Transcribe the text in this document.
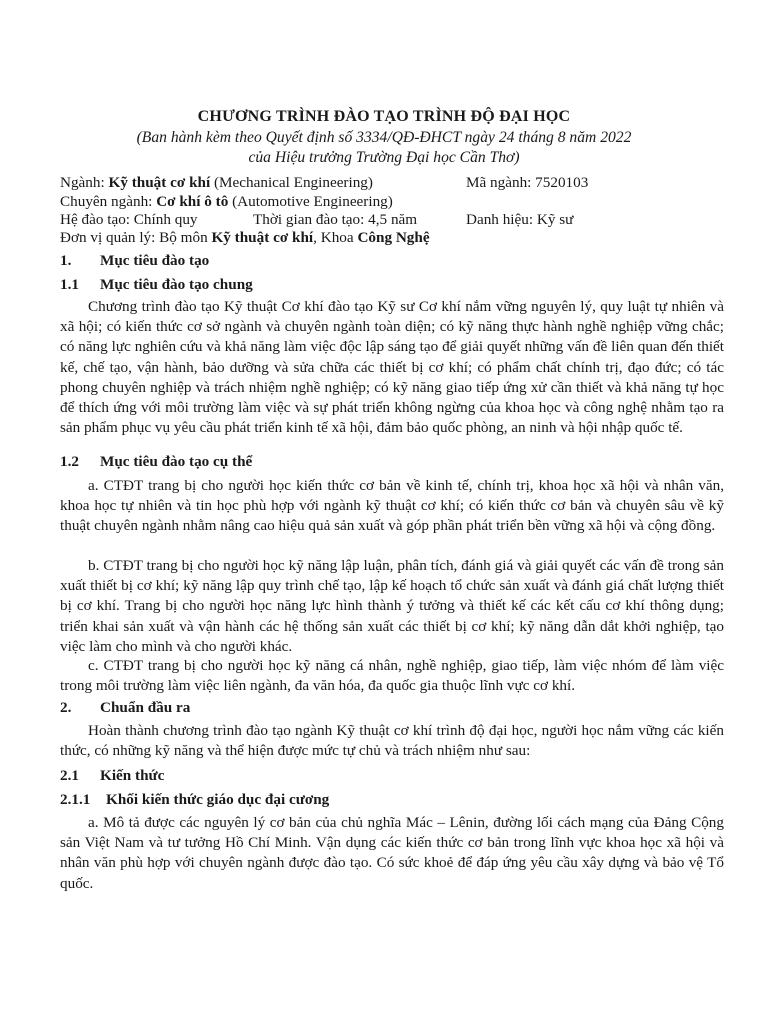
CHƯƠNG TRÌNH ĐÀO TẠO TRÌNH ĐỘ ĐẠI HỌC
(Ban hành kèm theo Quyết định số 3334/QĐ-ĐHCT ngày 24 tháng 8 năm 2022
của Hiệu trưởng Trường Đại học Cần Thơ)
Ngành: Kỹ thuật cơ khí (Mechanical Engineering)	Mã ngành: 7520103
Chuyên ngành: Cơ khí ô tô (Automotive Engineering)
Hệ đào tạo: Chính quy	Thời gian đào tạo: 4,5 năm	Danh hiệu: Kỹ sư
Đơn vị quản lý: Bộ môn Kỹ thuật cơ khí, Khoa Công Nghệ
1. Mục tiêu đào tạo
1.1 Mục tiêu đào tạo chung

Chương trình đào tạo Kỹ thuật Cơ khí đào tạo Kỹ sư Cơ khí nắm vững nguyên lý, quy luật tự nhiên và xã hội; có kiến thức cơ sở ngành và chuyên ngành toàn diện; có kỹ năng thực hành nghề nghiệp vững chắc; có năng lực nghiên cứu và khả năng làm việc độc lập sáng tạo để giải quyết những vấn đề liên quan đến thiết kế, chế tạo, vận hành, bảo dưỡng và sửa chữa các thiết bị cơ khí; có phẩm chất chính trị, đạo đức; có tác phong chuyên nghiệp và trách nhiệm nghề nghiệp; có kỹ năng giao tiếp ứng xử cần thiết và khả năng tự học để thích ứng với môi trường làm việc và sự phát triển không ngừng của khoa học và công nghệ nhằm tạo ra sản phẩm phục vụ yêu cầu phát triển kinh tế xã hội, đảm bảo quốc phòng, an ninh và hội nhập quốc tế.

1.2 Mục tiêu đào tạo cụ thể

a. CTĐT trang bị cho người học kiến thức cơ bản về kinh tế, chính trị, khoa học xã hội và nhân văn, khoa học tự nhiên và tin học phù hợp với ngành kỹ thuật cơ khí; có kiến thức cơ bản và chuyên sâu về kỹ thuật chuyên ngành nhằm nâng cao hiệu quả sản xuất và góp phần phát triển bền vững xã hội và cộng đồng.

b. CTĐT trang bị cho người học kỹ năng lập luận, phân tích, đánh giá và giải quyết các vấn đề trong sản xuất thiết bị cơ khí; kỹ năng lập quy trình chế tạo, lập kế hoạch tổ chức sản xuất và đánh giá chất lượng thiết bị cơ khí. Trang bị cho người học năng lực hình thành ý tưởng và thiết kế các kết cấu cơ khí thông dụng; triển khai sản xuất và vận hành các hệ thống sản xuất các thiết bị cơ khí; kỹ năng dẫn dắt khởi nghiệp, tạo việc làm cho mình và cho người khác.

c. CTĐT trang bị cho người học kỹ năng cá nhân, nghề nghiệp, giao tiếp, làm việc nhóm để làm việc trong môi trường làm việc liên ngành, đa văn hóa, đa quốc gia thuộc lĩnh vực cơ khí.

2. Chuẩn đầu ra

Hoàn thành chương trình đào tạo ngành Kỹ thuật cơ khí trình độ đại học, người học nắm vững các kiến thức, có những kỹ năng và thể hiện được mức tự chủ và trách nhiệm như sau:

2.1 Kiến thức
2.1.1 Khối kiến thức giáo dục đại cương

a. Mô tả được các nguyên lý cơ bản của chủ nghĩa Mác – Lênin, đường lối cách mạng của Đảng Cộng sản Việt Nam và tư tưởng Hồ Chí Minh. Vận dụng các kiến thức cơ bản trong lĩnh vực khoa học xã hội và nhân văn phù hợp với chuyên ngành được đào tạo. Có sức khoẻ để đáp ứng yêu cầu xây dựng và bảo vệ Tổ quốc.
